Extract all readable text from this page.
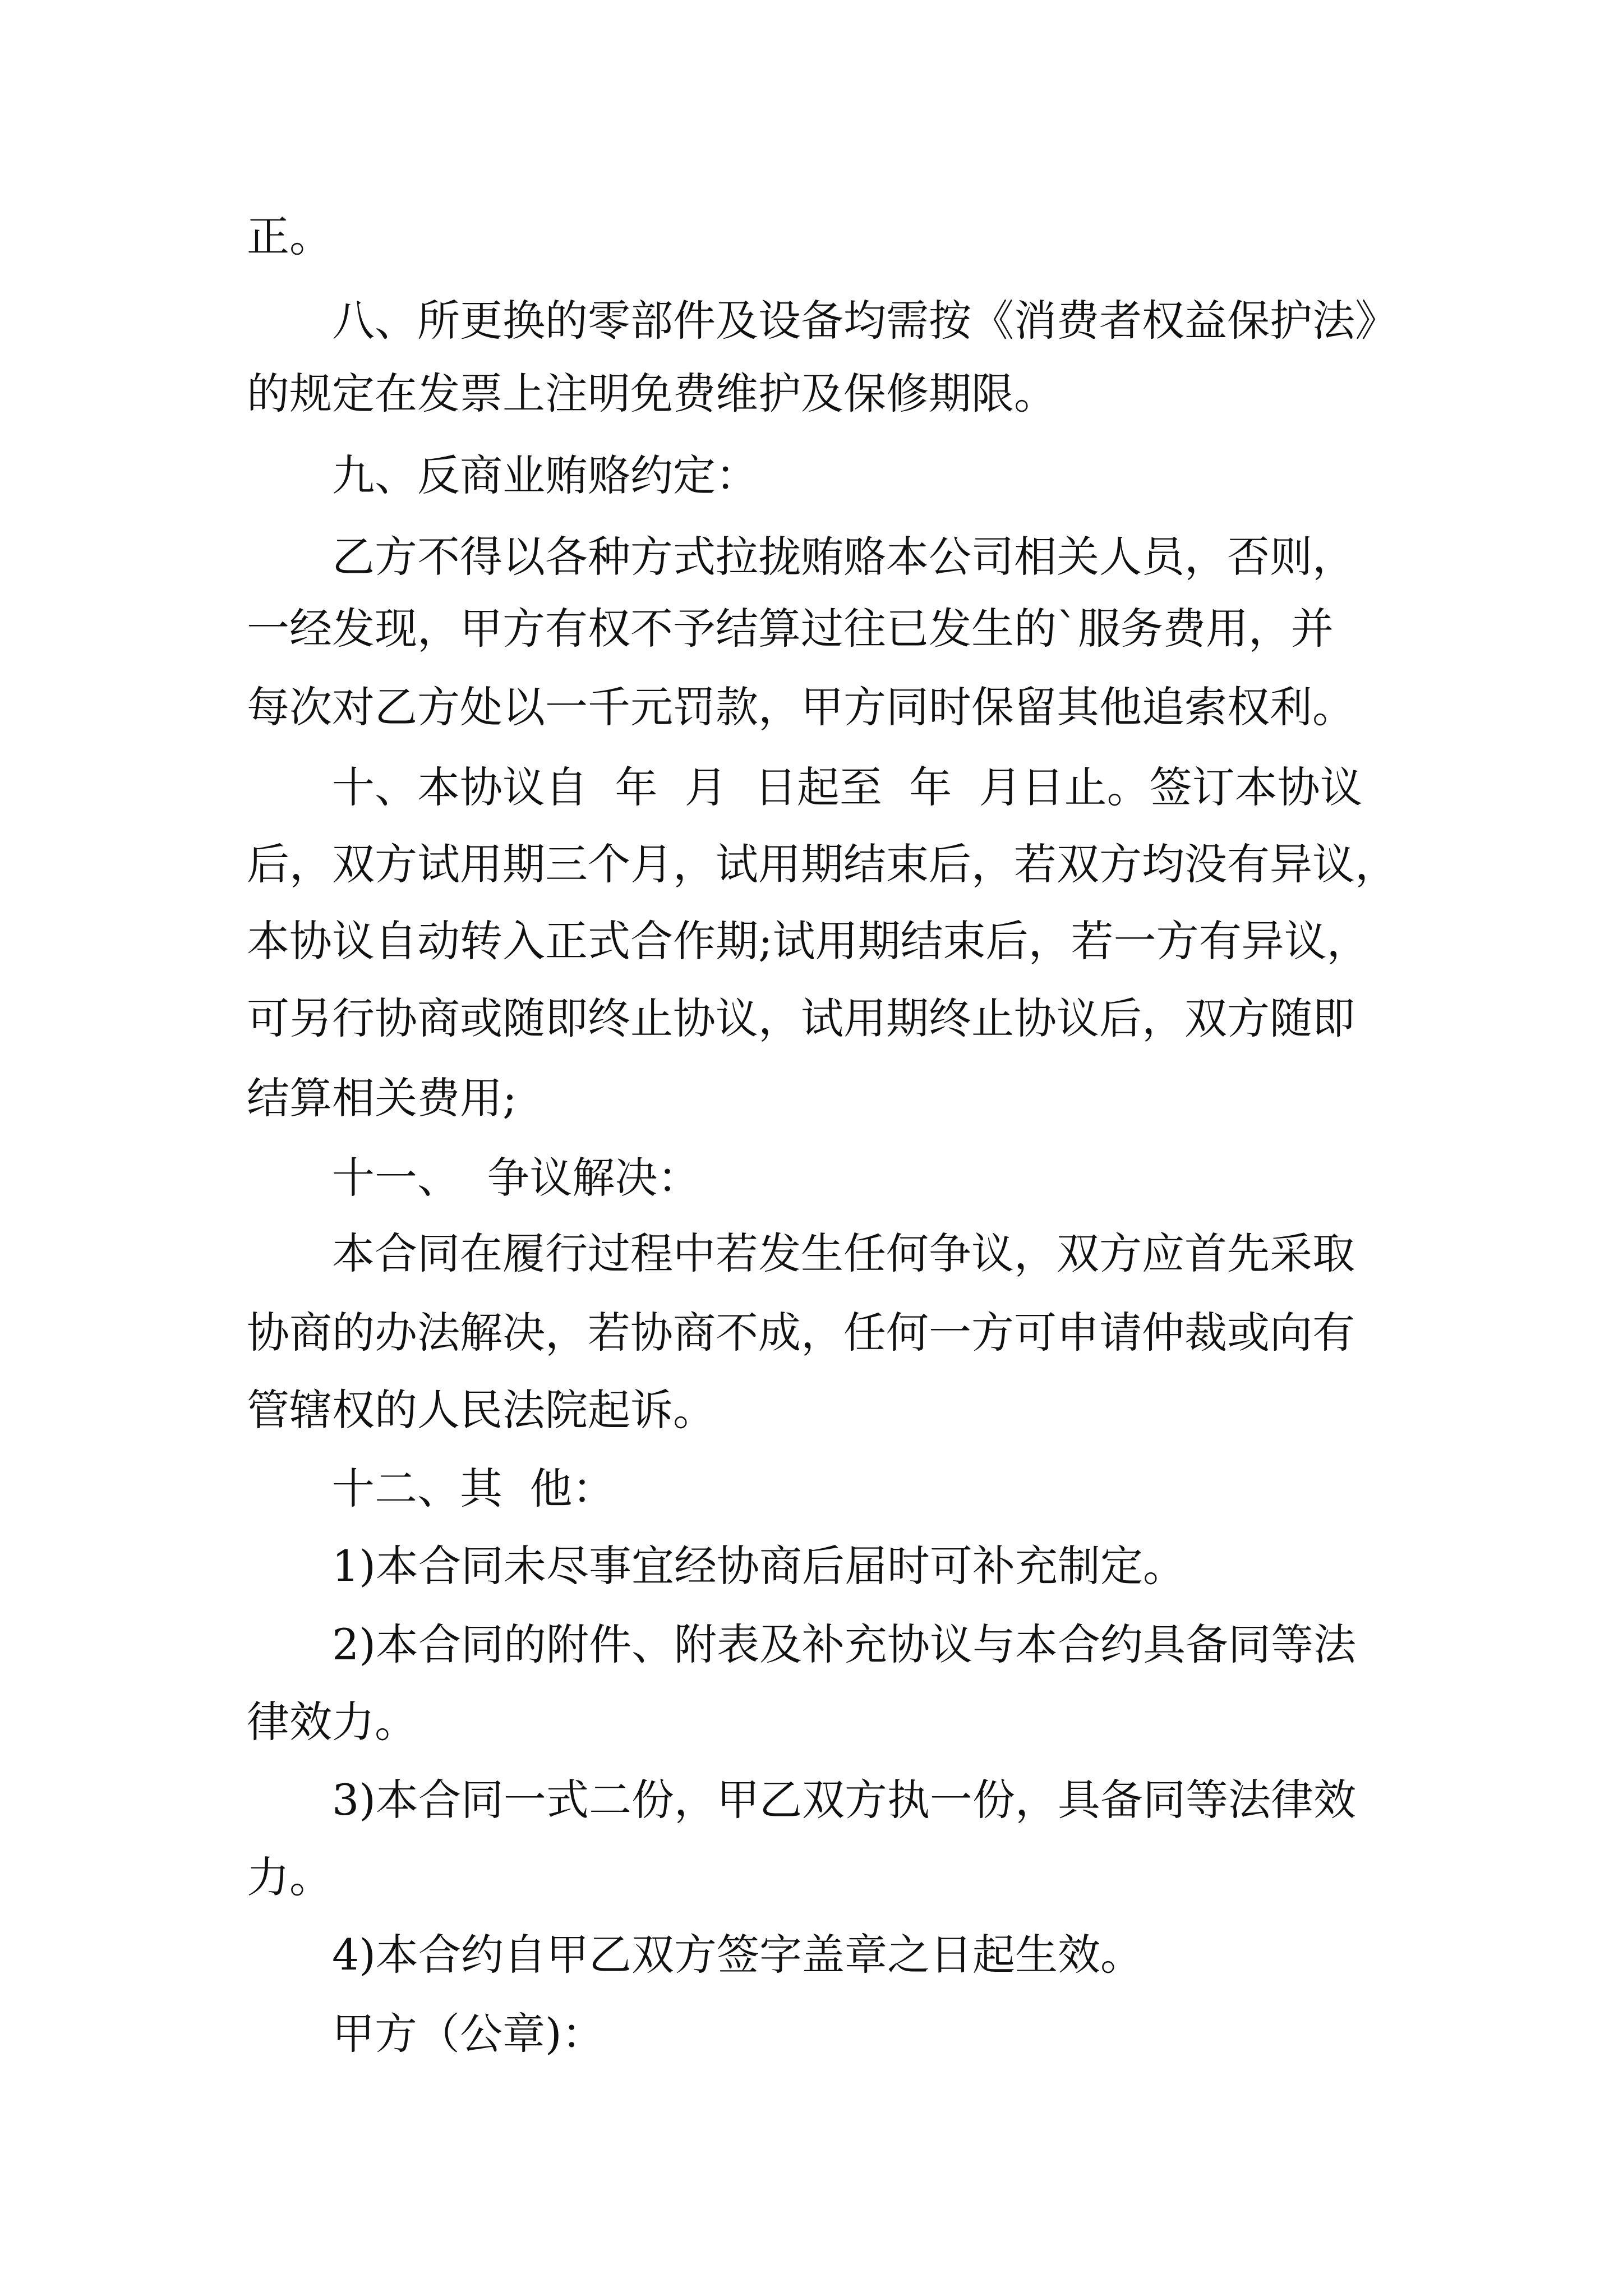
正。
八、所更换的零部件及设备均需按《消费者权益保护法》
的规定在发票上注明免费维护及保修期限。
九、反商业贿赂约定：
乙方不得以各种方式拉拢贿赂本公司相关人员，否则，
一经发现，甲方有权不予结算过往已发生的`服务费用，并
每次对乙方处以一千元罚款，甲方同时保留其他追索权利。
十、本协议自  年  月  日起至  年  月日止。签订本协议
后，双方试用期三个月，试用期结束后，若双方均没有异议，
本协议自动转入正式合作期;试用期结束后，若一方有异议，
可另行协商或随即终止协议，试用期终止协议后，双方随即
结算相关费用;
十一、  争议解决：
本合同在履行过程中若发生任何争议，双方应首先采取
协商的办法解决，若协商不成，任何一方可申请仲裁或向有
管辖权的人民法院起诉。
十二、其  他：
1)本合同未尽事宜经协商后届时可补充制定。
2)本合同的附件、附表及补充协议与本合约具备同等法
律效力。
3)本合同一式二份，甲乙双方执一份，具备同等法律效
力。
4)本合约自甲乙双方签字盖章之日起生效。
甲方（公章)：
